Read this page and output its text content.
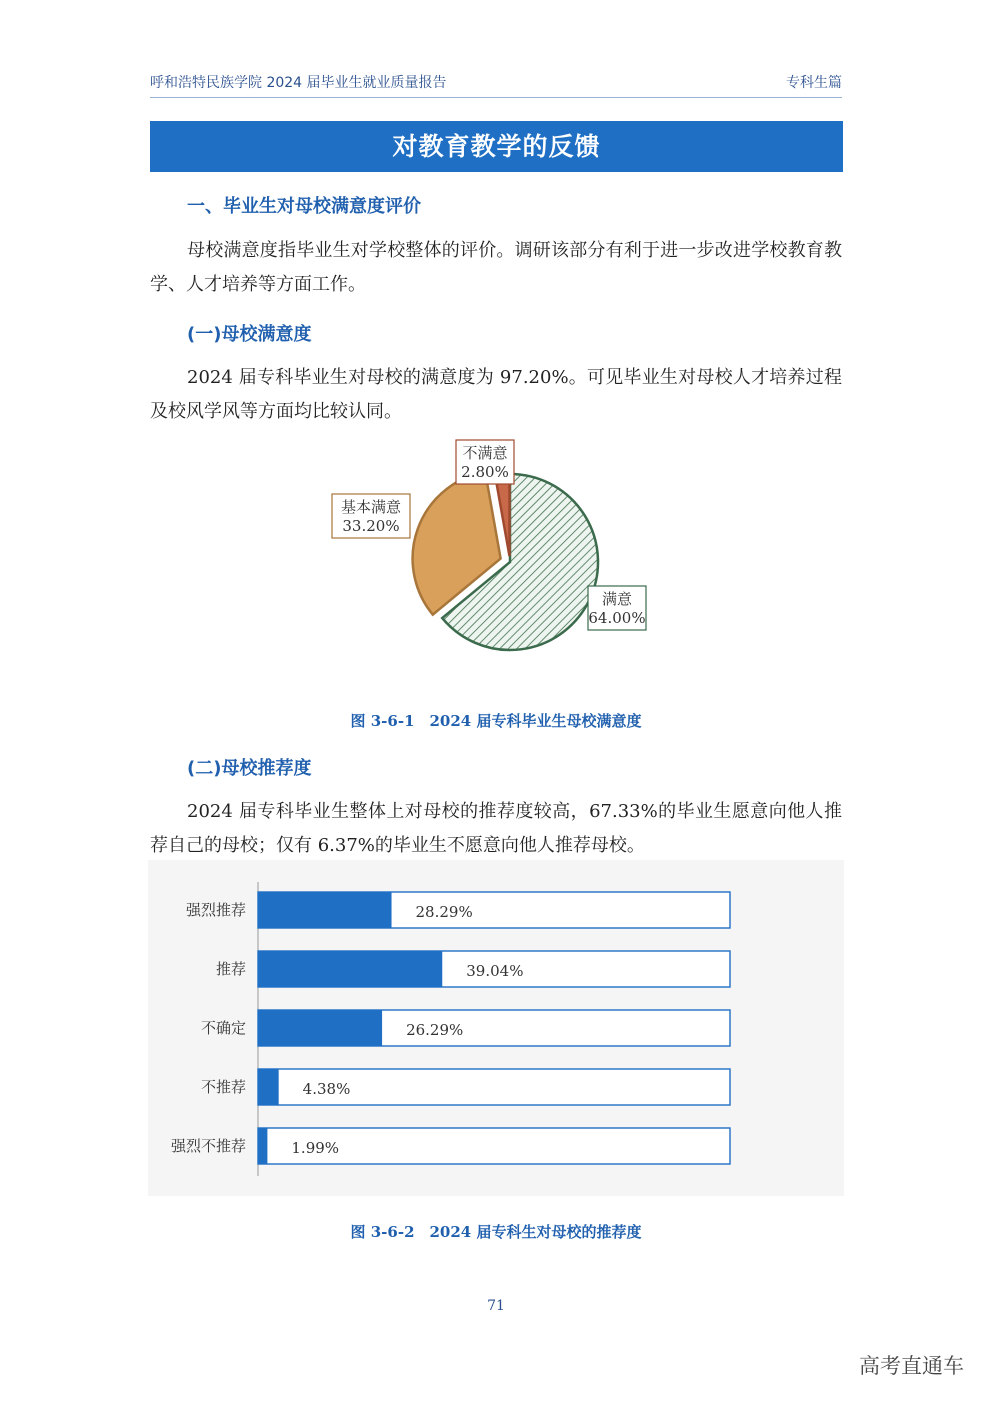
呼和浩特民族学院 2024 届毕业生就业质量报告	专科生篇
对教育教学的反馈
一、毕业生对母校满意度评价
母校满意度指毕业生对学校整体的评价。调研该部分有利于进一步改进学校教育教学、人才培养等方面工作。
(一)母校满意度
2024 届专科毕业生对母校的满意度为 97.20%。可见毕业生对母校人才培养过程及校风学风等方面均比较认同。
满意
64.00%
基本满意
33.20%
不满意
2.80%
图 3-6-1　2024 届专科毕业生母校满意度
(二)母校推荐度
2024 届专科毕业生整体上对母校的推荐度较高，67.33%的毕业生愿意向他人推荐自己的母校；仅有 6.37%的毕业生不愿意向他人推荐母校。
强烈推荐	28.29%
推荐	39.04%
不确定	26.29%
不推荐	4.38%
强烈不推荐	1.99%
图 3-6-2　2024 届专科生对母校的推荐度
71
高考直通车
